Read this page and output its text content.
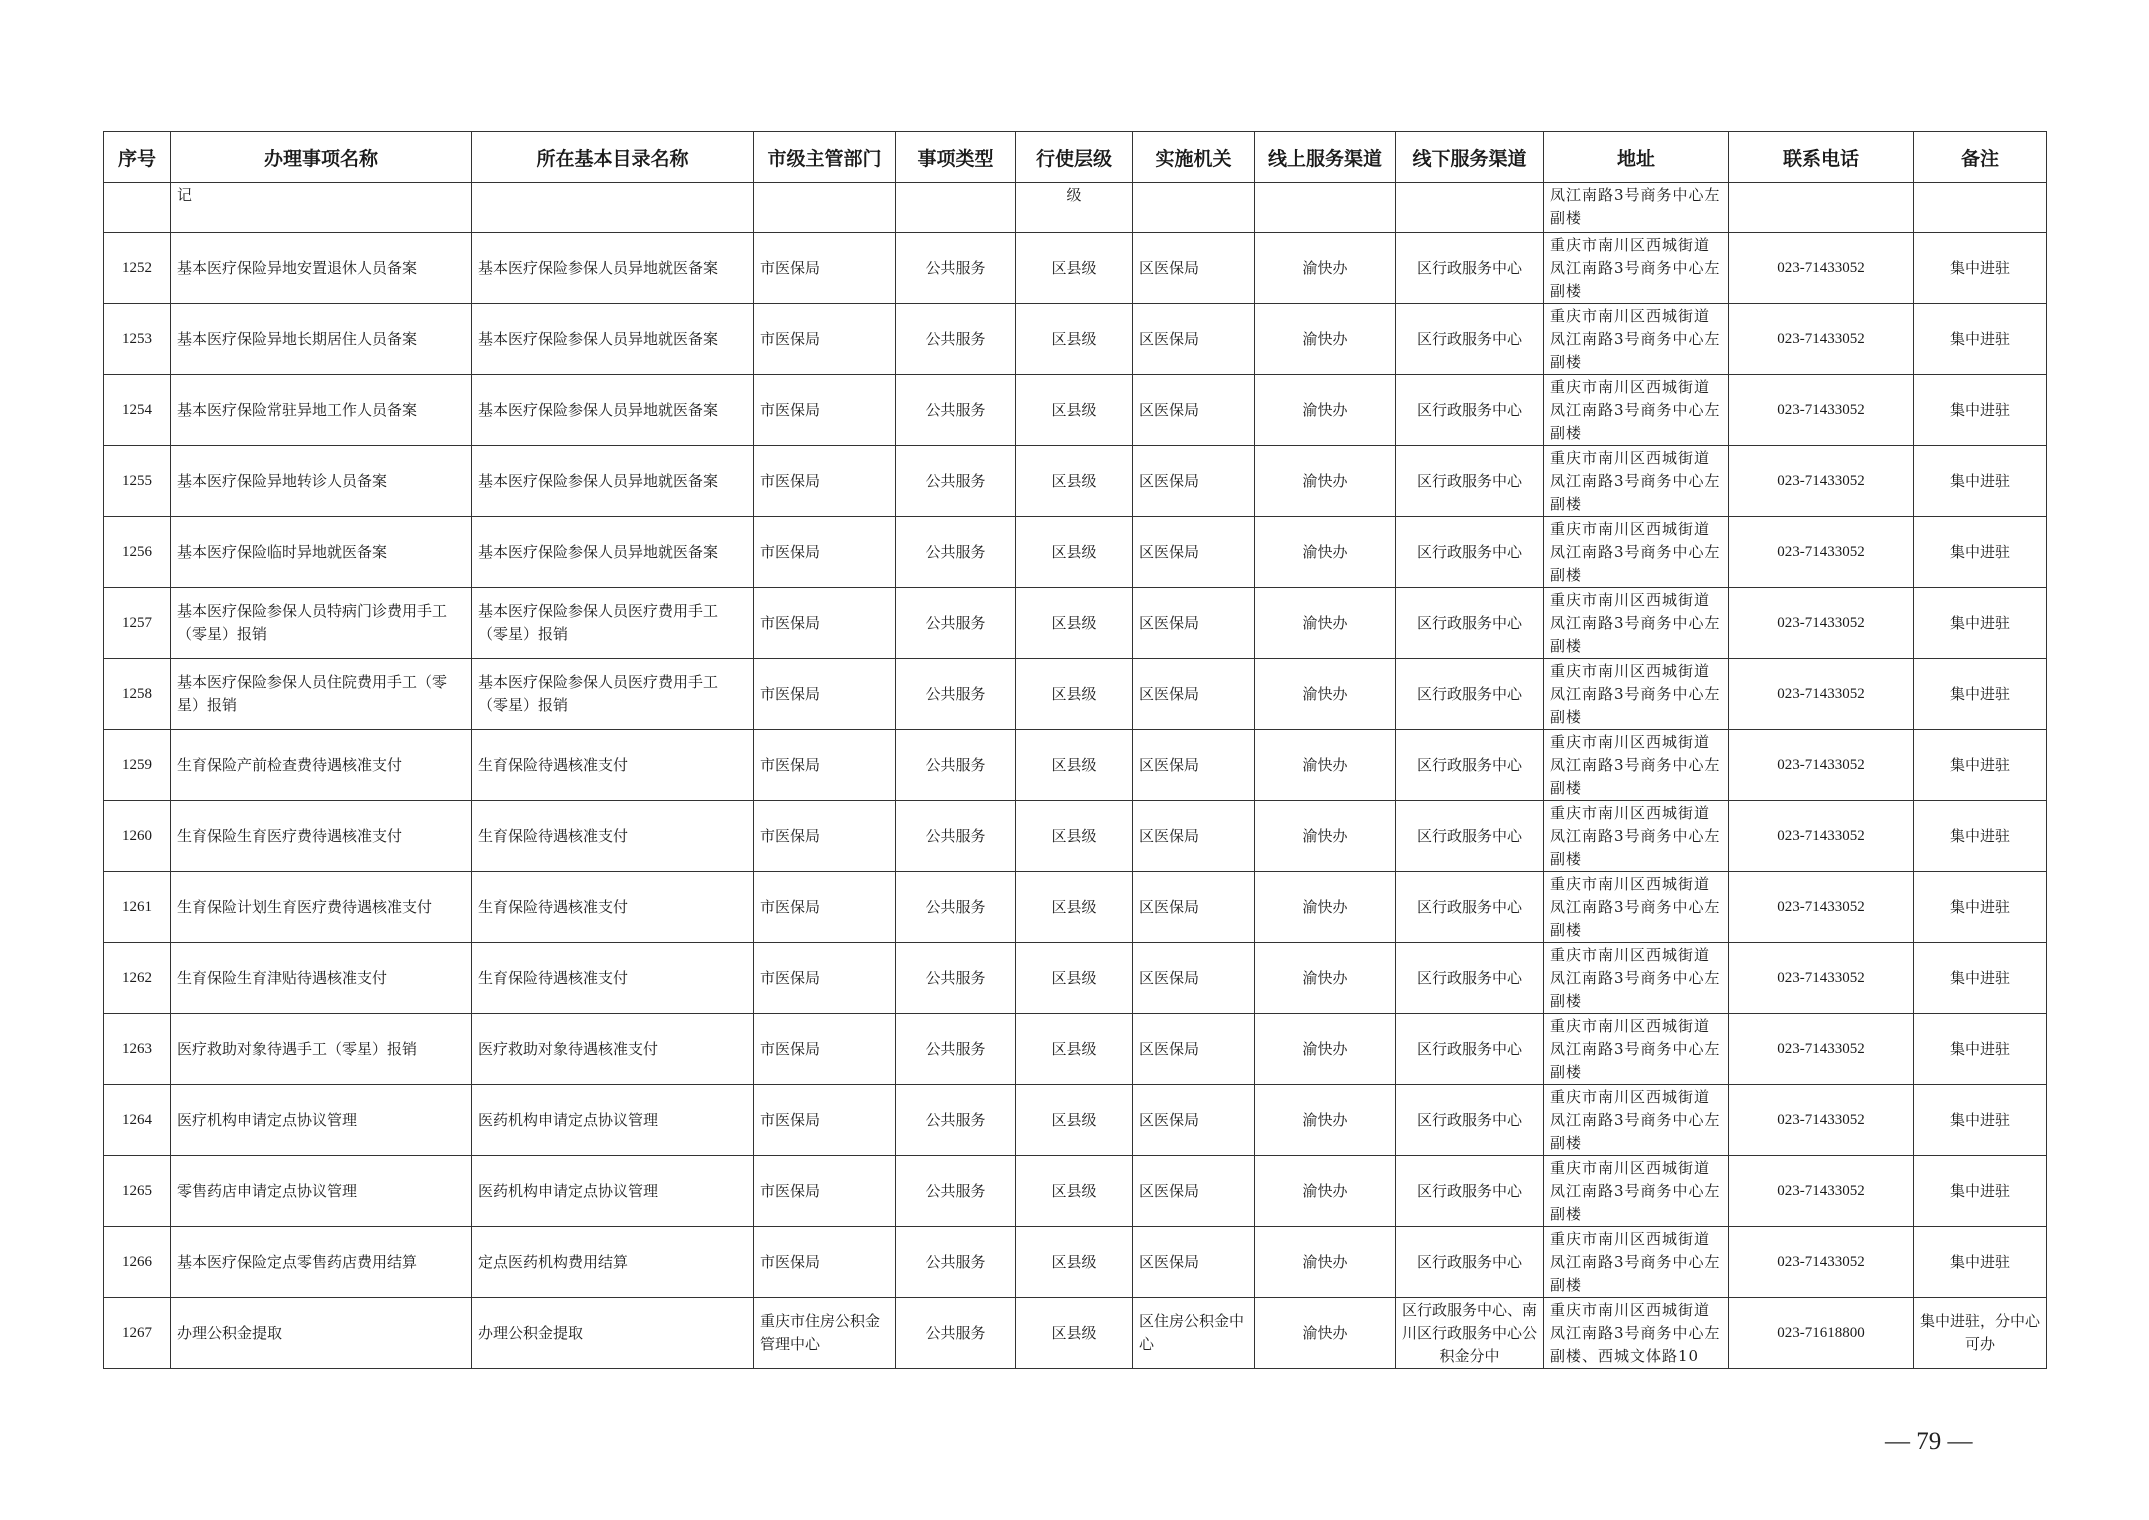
序号	办理事项名称	所在基本目录名称	市级主管部门	事项类型	行使层级	实施机关	线上服务渠道	线下服务渠道	地址	联系电话	备注
	记				级				凤江南路3号商务中心左副楼		
1252	基本医疗保险异地安置退休人员备案	基本医疗保险参保人员异地就医备案	市医保局	公共服务	区县级	区医保局	渝快办	区行政服务中心	重庆市南川区西城街道凤江南路3号商务中心左副楼	023-71433052	集中进驻
1253	基本医疗保险异地长期居住人员备案	基本医疗保险参保人员异地就医备案	市医保局	公共服务	区县级	区医保局	渝快办	区行政服务中心	重庆市南川区西城街道凤江南路3号商务中心左副楼	023-71433052	集中进驻
1254	基本医疗保险常驻异地工作人员备案	基本医疗保险参保人员异地就医备案	市医保局	公共服务	区县级	区医保局	渝快办	区行政服务中心	重庆市南川区西城街道凤江南路3号商务中心左副楼	023-71433052	集中进驻
1255	基本医疗保险异地转诊人员备案	基本医疗保险参保人员异地就医备案	市医保局	公共服务	区县级	区医保局	渝快办	区行政服务中心	重庆市南川区西城街道凤江南路3号商务中心左副楼	023-71433052	集中进驻
1256	基本医疗保险临时异地就医备案	基本医疗保险参保人员异地就医备案	市医保局	公共服务	区县级	区医保局	渝快办	区行政服务中心	重庆市南川区西城街道凤江南路3号商务中心左副楼	023-71433052	集中进驻
1257	基本医疗保险参保人员特病门诊费用手工（零星）报销	基本医疗保险参保人员医疗费用手工（零星）报销	市医保局	公共服务	区县级	区医保局	渝快办	区行政服务中心	重庆市南川区西城街道凤江南路3号商务中心左副楼	023-71433052	集中进驻
1258	基本医疗保险参保人员住院费用手工（零星）报销	基本医疗保险参保人员医疗费用手工（零星）报销	市医保局	公共服务	区县级	区医保局	渝快办	区行政服务中心	重庆市南川区西城街道凤江南路3号商务中心左副楼	023-71433052	集中进驻
1259	生育保险产前检查费待遇核准支付	生育保险待遇核准支付	市医保局	公共服务	区县级	区医保局	渝快办	区行政服务中心	重庆市南川区西城街道凤江南路3号商务中心左副楼	023-71433052	集中进驻
1260	生育保险生育医疗费待遇核准支付	生育保险待遇核准支付	市医保局	公共服务	区县级	区医保局	渝快办	区行政服务中心	重庆市南川区西城街道凤江南路3号商务中心左副楼	023-71433052	集中进驻
1261	生育保险计划生育医疗费待遇核准支付	生育保险待遇核准支付	市医保局	公共服务	区县级	区医保局	渝快办	区行政服务中心	重庆市南川区西城街道凤江南路3号商务中心左副楼	023-71433052	集中进驻
1262	生育保险生育津贴待遇核准支付	生育保险待遇核准支付	市医保局	公共服务	区县级	区医保局	渝快办	区行政服务中心	重庆市南川区西城街道凤江南路3号商务中心左副楼	023-71433052	集中进驻
1263	医疗救助对象待遇手工（零星）报销	医疗救助对象待遇核准支付	市医保局	公共服务	区县级	区医保局	渝快办	区行政服务中心	重庆市南川区西城街道凤江南路3号商务中心左副楼	023-71433052	集中进驻
1264	医疗机构申请定点协议管理	医药机构申请定点协议管理	市医保局	公共服务	区县级	区医保局	渝快办	区行政服务中心	重庆市南川区西城街道凤江南路3号商务中心左副楼	023-71433052	集中进驻
1265	零售药店申请定点协议管理	医药机构申请定点协议管理	市医保局	公共服务	区县级	区医保局	渝快办	区行政服务中心	重庆市南川区西城街道凤江南路3号商务中心左副楼	023-71433052	集中进驻
1266	基本医疗保险定点零售药店费用结算	定点医药机构费用结算	市医保局	公共服务	区县级	区医保局	渝快办	区行政服务中心	重庆市南川区西城街道凤江南路3号商务中心左副楼	023-71433052	集中进驻
1267	办理公积金提取	办理公积金提取	重庆市住房公积金管理中心	公共服务	区县级	区住房公积金中心	渝快办	区行政服务中心、南川区行政服务中心公积金分中	重庆市南川区西城街道凤江南路3号商务中心左副楼、西城文体路10	023-71618800	集中进驻，分中心可办
— 79 —
